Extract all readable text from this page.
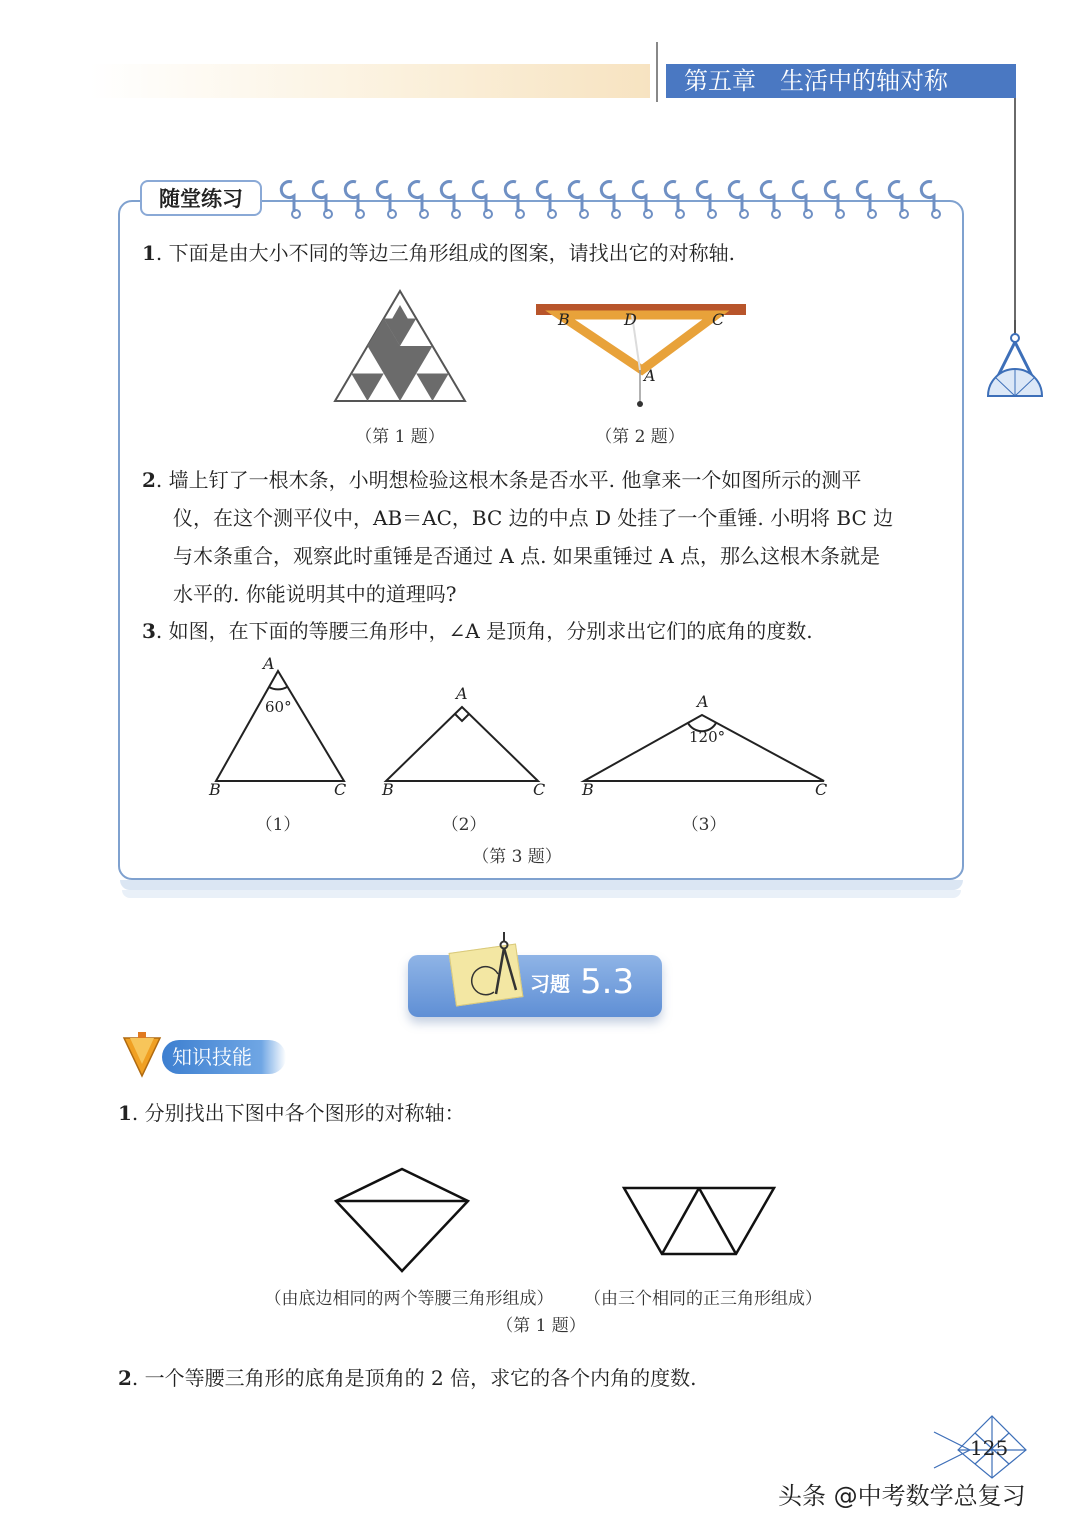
第五章　生活中的轴对称
随堂练习
1. 下面是由大小不同的等边三角形组成的图案，请找出它的对称轴.
（第 1 题）
B	D	C
A
（第 2 题）
2. 墙上钉了一根木条，小明想检验这根木条是否水平. 他拿来一个如图所示的测平
仪，在这个测平仪中，AB＝AC，BC 边的中点 D 处挂了一个重锤. 小明将 BC 边
与木条重合，观察此时重锤是否通过 A 点. 如果重锤过 A 点，那么这根木条就是
水平的. 你能说明其中的道理吗?
3. 如图，在下面的等腰三角形中，∠A 是顶角，分别求出它们的底角的度数.
A
60°
B	C
（1）
A
B	C
（2）
A
120°
B	C
（3）
（第 3 题）
习题 5.3
知识技能
1. 分别找出下图中各个图形的对称轴：
（由底边相同的两个等腰三角形组成）	（由三个相同的正三角形组成）
（第 1 题）
2. 一个等腰三角形的底角是顶角的 2 倍，求它的各个内角的度数.
125
头条 @中考数学总复习
